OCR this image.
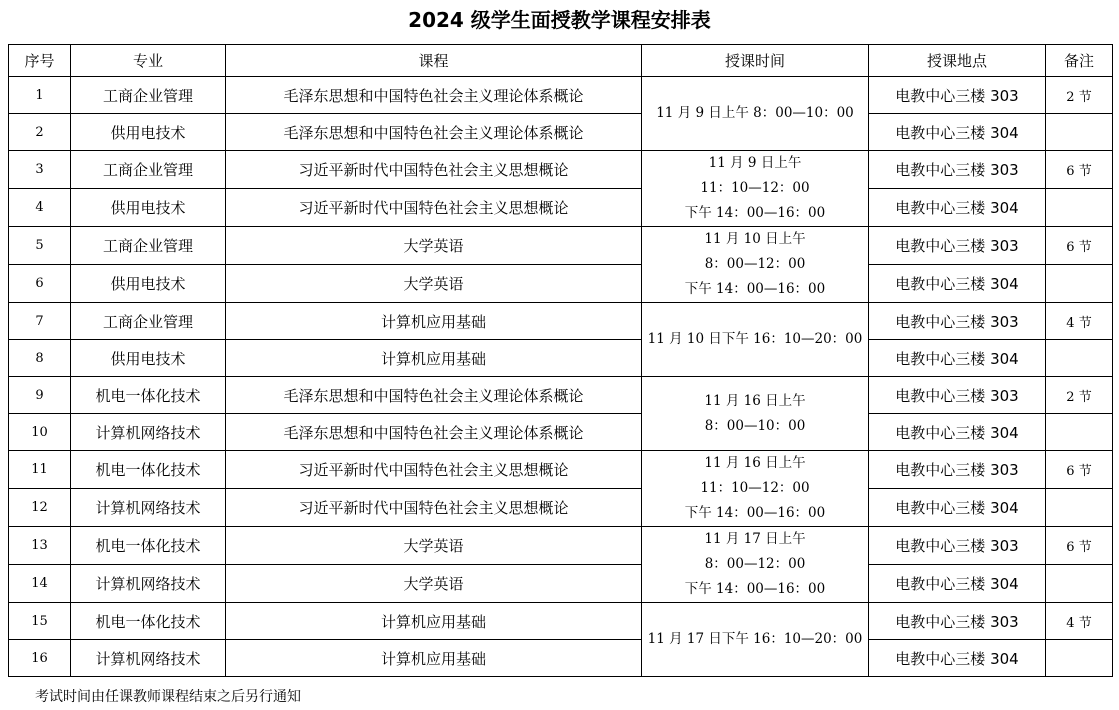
2024 级学生面授教学课程安排表
序号	专业	课程	授课时间	授课地点	备注
1	工商企业管理	毛泽东思想和中国特色社会主义理论体系概论	11 月 9 日上午 8：00—10：00	电教中心三楼 303	2 节
2	供用电技术	毛泽东思想和中国特色社会主义理论体系概论		电教中心三楼 304	
3	工商企业管理	习近平新时代中国特色社会主义思想概论	11 月 9 日上午
11：10—12：00
下午 14：00—16：00	电教中心三楼 303	6 节
4	供用电技术	习近平新时代中国特色社会主义思想概论		电教中心三楼 304	
5	工商企业管理	大学英语	11 月 10 日上午
8：00—12：00
下午 14：00—16：00	电教中心三楼 303	6 节
6	供用电技术	大学英语		电教中心三楼 304	
7	工商企业管理	计算机应用基础	11 月 10 日下午 16：10—20：00	电教中心三楼 303	4 节
8	供用电技术	计算机应用基础		电教中心三楼 304	
9	机电一体化技术	毛泽东思想和中国特色社会主义理论体系概论	11 月 16 日上午
8：00—10：00	电教中心三楼 303	2 节
10	计算机网络技术	毛泽东思想和中国特色社会主义理论体系概论		电教中心三楼 304	
11	机电一体化技术	习近平新时代中国特色社会主义思想概论	11 月 16 日上午
11：10—12：00
下午 14：00—16：00	电教中心三楼 303	6 节
12	计算机网络技术	习近平新时代中国特色社会主义思想概论		电教中心三楼 304	
13	机电一体化技术	大学英语	11 月 17 日上午
8：00—12：00
下午 14：00—16：00	电教中心三楼 303	6 节
14	计算机网络技术	大学英语		电教中心三楼 304	
15	机电一体化技术	计算机应用基础	11 月 17 日下午 16：10—20：00	电教中心三楼 303	4 节
16	计算机网络技术	计算机应用基础		电教中心三楼 304	
考试时间由任课教师课程结束之后另行通知
